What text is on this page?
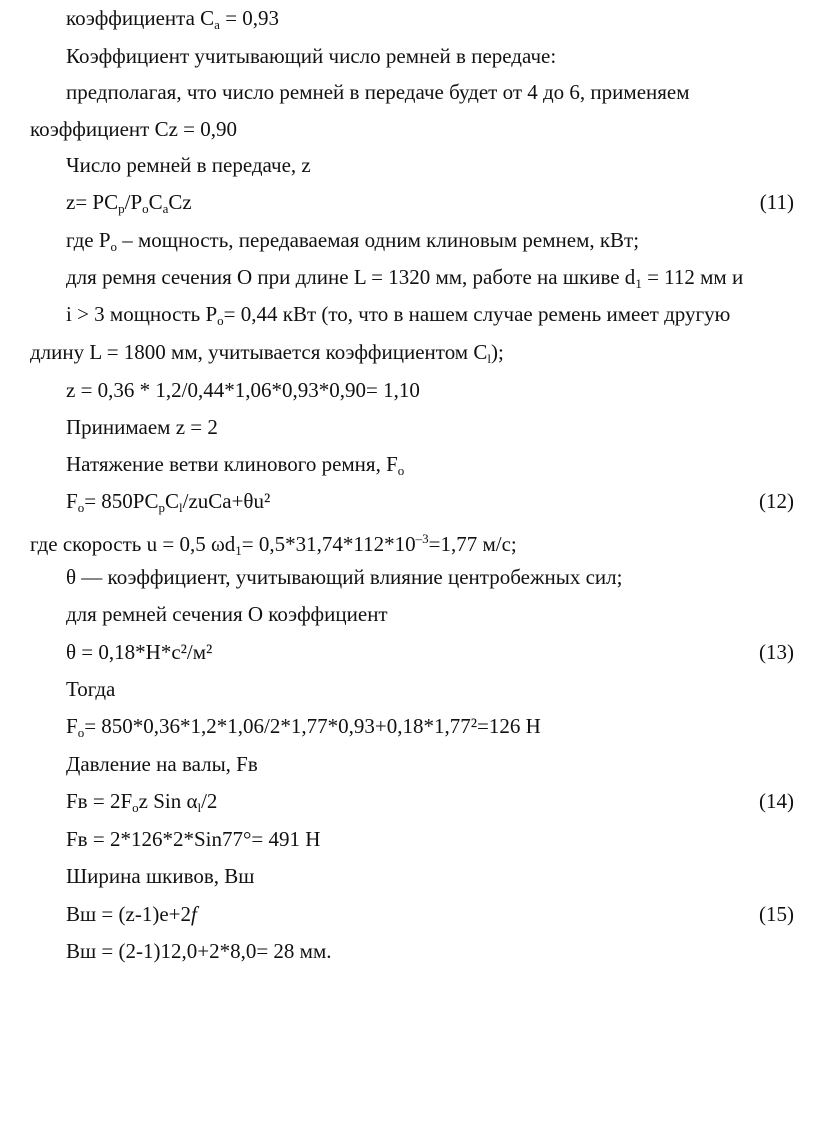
коэффициента $C_a = 0,93$
Коэффициент учитывающий число ремней в передаче:
предполагая, что число ремней в передаче будет от 4 до 6, применяем
коэффициент Cz = 0,90
Число ремней в передаче, z
$z= PC_p/P_oC_aCz$	(11)
где $P_o$ – мощность, передаваемая одним клиновым ремнем, кВт;
для ремня сечения О при длине L = 1320 мм, работе на шкиве $d_1 = 112$ мм и
i > 3 мощность $P_o= 0,44$ кВт (то, что в нашем случае ремень имеет другую
длину L = 1800 мм, учитывается коэффициентом $C_l$);
z = 0,36 * 1,2/0,44*1,06*0,93*0,90= 1,10
Принимаем z = 2
Натяжение ветви клинового ремня, $F_o$
$F_o=$ $850PC_pC_l/zuCa+\theta u^2$	(12)
где скорость u = 0,5 $\omega d_1= 0,5*31,74*112*10^{-3}=1,77$ м/с;
θ — коэффициент, учитывающий влияние центробежных сил;
для ремней сечения О коэффициент
θ = 0,18*Н*с²/м²	(13)
Тогда
$F_o= 850*0,36*1,2*1,06/2*1,77*0,93+0,18*1,77^2=126$ Н
Давление на валы, Fв
Fв = $2F_oz$ Sin $\alpha_l/2$	(14)
Fв = 2*126*2*Sin77°= 491 Н
Ширина шкивов, Вш
Вш = (z-1)e+2f	(15)
Вш = (2-1)12,0+2*8,0= 28 мм.
